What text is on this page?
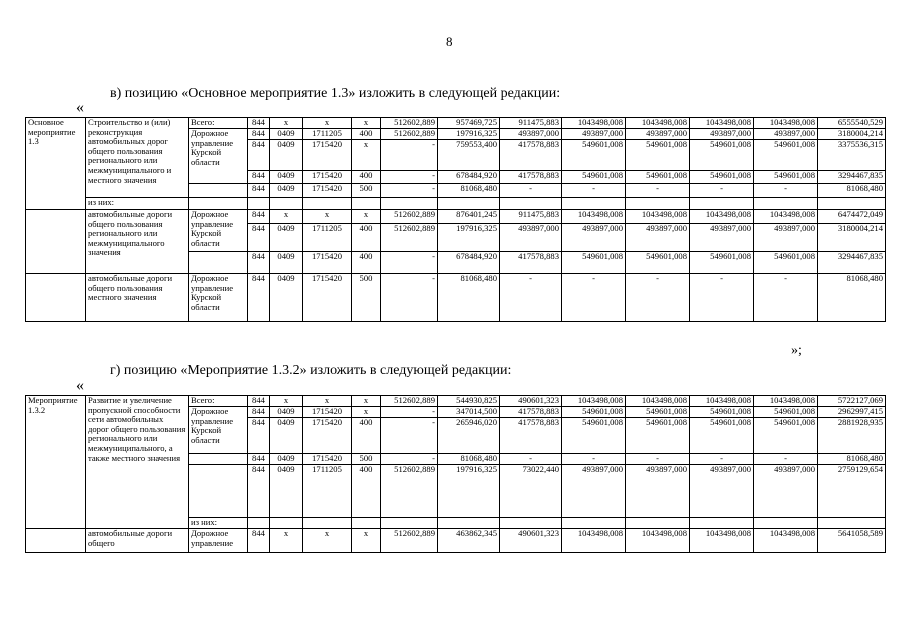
8
в) позицию «Основное мероприятие 1.3» изложить в следующей редакции:
«
Основное мероприятие 1.3	Строительство и (или) реконструкция автомобильных дорог общего пользования регионального или межмуниципального и местного значения	Всего:	844	x	x	x	512602,889	957469,725	911475,883	1043498,008	1043498,008	1043498,008	1043498,008	6555540,529
		Дорожное управление Курской области	844	0409	1711205	400	512602,889	197916,325	493897,000	493897,000	493897,000	493897,000	493897,000	3180004,214
			844	0409	1715420	x	-	759553,400	417578,883	549601,008	549601,008	549601,008	549601,008	3375536,315
			844	0409	1715420	400	-	678484,920	417578,883	549601,008	549601,008	549601,008	549601,008	3294467,835
			844	0409	1715420	500	-	81068,480	-	-	-	-	-	81068,480
	из них:													
	автомобильные дороги общего пользования регионального или межмуниципального значения	Дорожное управление Курской области	844	x	x	x	512602,889	876401,245	911475,883	1043498,008	1043498,008	1043498,008	1043498,008	6474472,049
			844	0409	1711205	400	512602,889	197916,325	493897,000	493897,000	493897,000	493897,000	493897,000	3180004,214
			844	0409	1715420	400	-	678484,920	417578,883	549601,008	549601,008	549601,008	549601,008	3294467,835
	автомобильные дороги общего пользования местного значения	Дорожное управление Курской области	844	0409	1715420	500	-	81068,480	-	-	-	-	-	81068,480
»;
г) позицию «Мероприятие 1.3.2» изложить в следующей редакции:
«
Мероприятие 1.3.2	Развитие и увеличение пропускной способности сети автомобильных дорог общего пользования регионального или межмуниципального, а также местного значения	Всего:	844	x	x	x	512602,889	544930,825	490601,323	1043498,008	1043498,008	1043498,008	1043498,008	5722127,069	
		Дорожное управление Курской области	844	0409	1715420	x	-	347014,500	417578,883	549601,008	549601,008	549601,008	549601,008	2962997,415	
			844	0409	1715420	400	-	265946,020	417578,883	549601,008	549601,008	549601,008	549601,008	2881928,935	
			844	0409	1715420	500	-	81068,480	-	-	-	-	-	81068,480	
			844	0409	1711205	400	512602,889	197916,325	73022,440	493897,000	493897,000	493897,000	493897,000	2759129,654	
		из них:													
	автомобильные дороги общего	Дорожное управление	844	x	x	x	512602,889	463862,345	490601,323	1043498,008	1043498,008	1043498,008	1043498,008	5641058,589	
